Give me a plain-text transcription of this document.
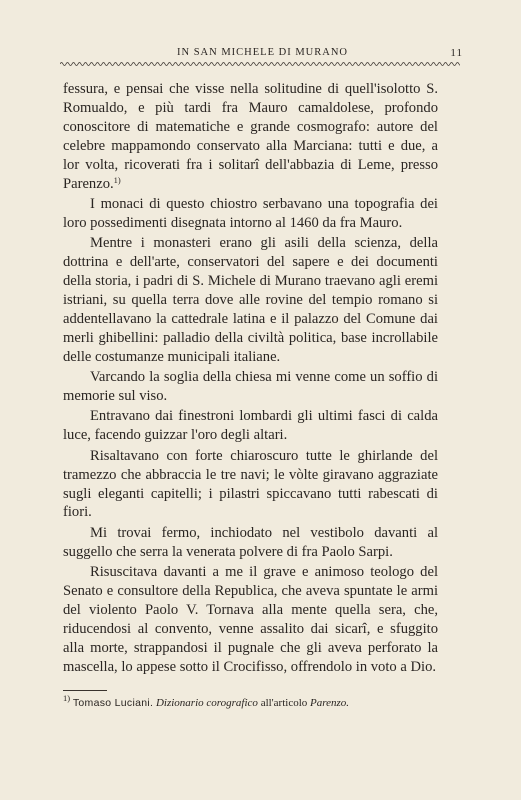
IN SAN MICHELE DI MURANO	11

fessura, e pensai che visse nella solitudine di quell'isolotto S. Romualdo, e più tardi fra Mauro camaldolese, profondo conoscitore di matematiche e grande cosmografo: autore del celebre mappamondo conservato alla Marciana: tutti e due, a lor volta, ricoverati fra i solitarî dell'abbazia di Leme, presso Parenzo.$^{1)}$

I monaci di questo chiostro serbavano una topografia dei loro possedimenti disegnata intorno al 1460 da fra Mauro.

Mentre i monasteri erano gli asili della scienza, della dottrina e dell'arte, conservatori del sapere e dei documenti della storia, i padri di S. Michele di Murano traevano agli eremi istriani, su quella terra dove alle rovine del tempio romano si addentellavano la cattedrale latina e il palazzo del Comune dai merli ghibellini: palladio della civiltà politica, base incrollabile delle costumanze municipali italiane.

Varcando la soglia della chiesa mi venne come un soffio di memorie sul viso.

Entravano dai finestroni lombardi gli ultimi fasci di calda luce, facendo guizzar l'oro degli altari.

Risaltavano con forte chiaroscuro tutte le ghirlande del tramezzo che abbraccia le tre navi; le vòlte giravano aggraziate sugli eleganti capitelli; i pilastri spiccavano tutti rabescati di fiori.

Mi trovai fermo, inchiodato nel vestibolo davanti al suggello che serra la venerata polvere di fra Paolo Sarpi.

Risuscitava davanti a me il grave e animoso teologo del Senato e consultore della Republica, che aveva spuntate le armi del violento Paolo V. Tornava alla mente quella sera, che, riducendosi al convento, venne assalito dai sicarî, e sfuggito alla morte, strappandosi il pugnale che gli aveva perforato la mascella, lo appese sotto il Crocifisso, offrendolo in voto a Dio.

$^{1)}$ Tomaso Luciani. Dizionario corografico all'articolo Parenzo.
